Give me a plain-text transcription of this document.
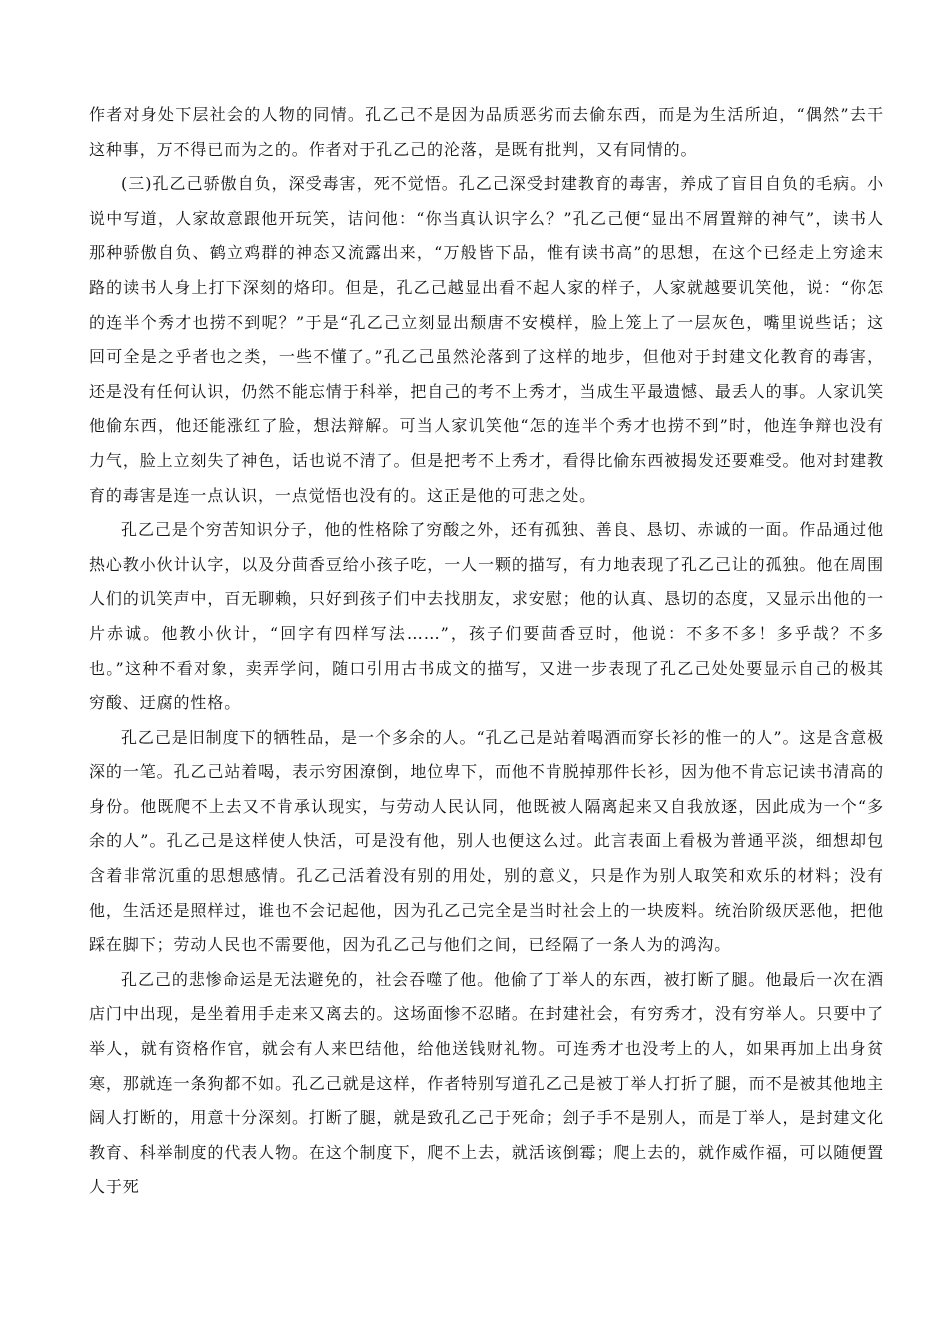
作者对身处下层社会的人物的同情。孔乙己不是因为品质恶劣而去偷东西，而是为生活所迫，“偶然”去干这种事，万不得已而为之的。作者对于孔乙己的沦落，是既有批判，又有同情的。

(三)孔乙己骄傲自负，深受毒害，死不觉悟。孔乙己深受封建教育的毒害，养成了盲目自负的毛病。小说中写道，人家故意跟他开玩笑，诘问他：“你当真认识字么？”孔乙己便“显出不屑置辩的神气”，读书人那种骄傲自负、鹤立鸡群的神态又流露出来，“万般皆下品，惟有读书高”的思想，在这个已经走上穷途末路的读书人身上打下深刻的烙印。但是，孔乙己越显出看不起人家的样子，人家就越要讥笑他，说：“你怎的连半个秀才也捞不到呢？”于是“孔乙己立刻显出颓唐不安模样，脸上笼上了一层灰色，嘴里说些话；这回可全是之乎者也之类，一些不懂了。”孔乙己虽然沦落到了这样的地步，但他对于封建文化教育的毒害，还是没有任何认识，仍然不能忘情于科举，把自己的考不上秀才，当成生平最遗憾、最丢人的事。人家讥笑他偷东西，他还能涨红了脸，想法辩解。可当人家讥笑他“怎的连半个秀才也捞不到”时，他连争辩也没有力气，脸上立刻失了神色，话也说不清了。但是把考不上秀才，看得比偷东西被揭发还要难受。他对封建教育的毒害是连一点认识，一点觉悟也没有的。这正是他的可悲之处。

孔乙己是个穷苦知识分子，他的性格除了穷酸之外，还有孤独、善良、恳切、赤诚的一面。作品通过他热心教小伙计认字，以及分茴香豆给小孩子吃，一人一颗的描写，有力地表现了孔乙己让的孤独。他在周围人们的讥笑声中，百无聊赖，只好到孩子们中去找朋友，求安慰；他的认真、恳切的态度，又显示出他的一片赤诚。他教小伙计，“回字有四样写法……”，孩子们要茴香豆时，他说：不多不多！多乎哉？不多也。”这种不看对象，卖弄学问，随口引用古书成文的描写，又进一步表现了孔乙己处处要显示自己的极其穷酸、迂腐的性格。

孔乙己是旧制度下的牺牲品，是一个多余的人。“孔乙己是站着喝酒而穿长衫的惟一的人”。这是含意极深的一笔。孔乙己站着喝，表示穷困潦倒，地位卑下，而他不肯脱掉那件长衫，因为他不肯忘记读书清高的身份。他既爬不上去又不肯承认现实，与劳动人民认同，他既被人隔离起来又自我放逐，因此成为一个“多余的人”。孔乙己是这样使人快活，可是没有他，别人也便这么过。此言表面上看极为普通平淡，细想却包含着非常沉重的思想感情。孔乙己活着没有别的用处，别的意义，只是作为别人取笑和欢乐的材料；没有他，生活还是照样过，谁也不会记起他，因为孔乙己完全是当时社会上的一块废料。统治阶级厌恶他，把他踩在脚下；劳动人民也不需要他，因为孔乙己与他们之间，已经隔了一条人为的鸿沟。

孔乙己的悲惨命运是无法避免的，社会吞噬了他。他偷了丁举人的东西，被打断了腿。他最后一次在酒店门中出现，是坐着用手走来又离去的。这场面惨不忍睹。在封建社会，有穷秀才，没有穷举人。只要中了举人，就有资格作官，就会有人来巴结他，给他送钱财礼物。可连秀才也没考上的人，如果再加上出身贫寒，那就连一条狗都不如。孔乙己就是这样，作者特别写道孔乙己是被丁举人打折了腿，而不是被其他地主阔人打断的，用意十分深刻。打断了腿，就是致孔乙己于死命；刽子手不是别人，而是丁举人，是封建文化教育、科举制度的代表人物。在这个制度下，爬不上去，就活该倒霉；爬上去的，就作威作福，可以随便置人于死
